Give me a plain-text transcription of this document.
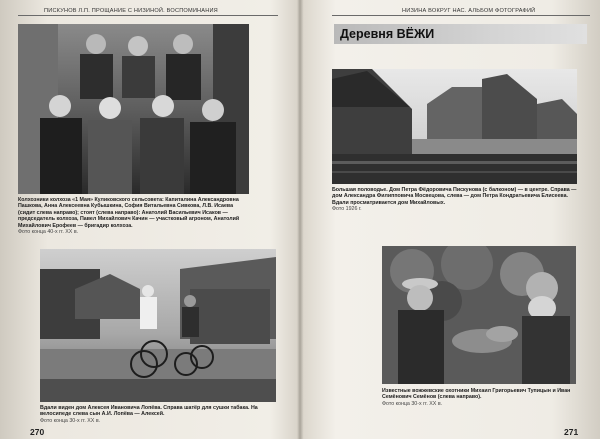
ПИСКУНОВ Л.П. ПРОЩАНИЕ С НИЗИНОЙ. ВОСПОМИНАНИЯ
Колхозники колхоза «1 Мая» Куликовского сельсовета: Капиталина Александровна Пашкова, Анна Алексеевна Кубышкина, София Витальевна Сивкова, Л.В. Исаева (сидит слева направо); стоят (слева направо): Анатолий Васильевич Исаков — председатель колхоза, Павел Михайлович Качин — участковый агроном, Анатолий Михайлович Ерофеев — бригадир колхоза.
Фото конца 40-х гг. XX в.
Вдали виден дом Алексея Ивановича Лопёва. Справа шатёр для сушки табака. На велосипеде слева сын А.И. Лопёва — Алексей.
Фото конца 30-х гг. XX в.
270
НИЗИНА ВОКРУГ НАС. АЛЬБОМ ФОТОГРАФИЙ
Деревня ВЁЖИ
Большая половодье. Дом Петра Фёдоровича Пискунова (с балконом) — в центре. Справа — дом Александра Филипповича Мосвецова, слева — дом Петра Кондратьевича Елисеева. Вдали просматривается дом Михайловых.
Фото 1926 г.
Известные вожжевские охотники Михаил Григорьевич Тупицын и Иван Семёнович Семёнов (слева направо).
Фото конца 30-х гг. XX в.
271
